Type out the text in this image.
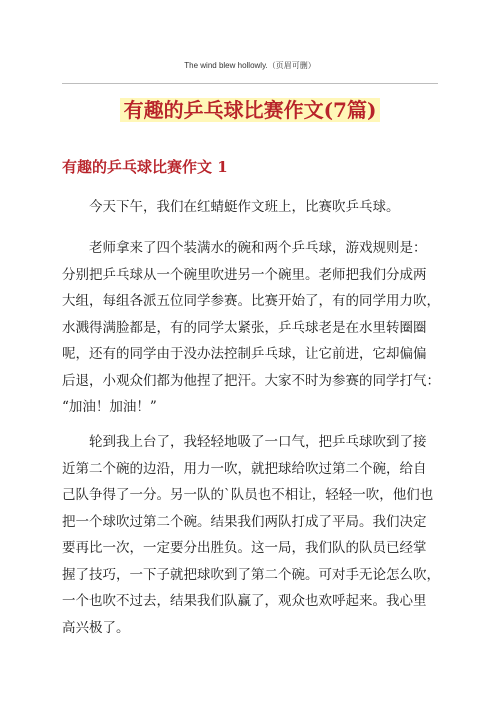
The wind blew hollowly.（页眉可删）
有趣的乒乓球比赛作文(7篇)
有趣的乒乓球比赛作文 1
今天下午，我们在红蜻蜓作文班上，比赛吹乒乓球。
老师拿来了四个装满水的碗和两个乒乓球，游戏规则是：
分别把乒乓球从一个碗里吹进另一个碗里。老师把我们分成两
大组，每组各派五位同学参赛。比赛开始了，有的同学用力吹，
水溅得满脸都是，有的同学太紧张，乒乓球老是在水里转圈圈
呢，还有的同学由于没办法控制乒乓球，让它前进，它却偏偏
后退，小观众们都为他捏了把汗。大家不时为参赛的同学打气：
“加油！加油！”
轮到我上台了，我轻轻地吸了一口气，把乒乓球吹到了接
近第二个碗的边沿，用力一吹，就把球给吹过第二个碗，给自
己队争得了一分。另一队的`队员也不相让，轻轻一吹，他们也
把一个球吹过第二个碗。结果我们两队打成了平局。我们决定
要再比一次，一定要分出胜负。这一局，我们队的队员已经掌
握了技巧，一下子就把球吹到了第二个碗。可对手无论怎么吹，
一个也吹不过去，结果我们队赢了，观众也欢呼起来。我心里
高兴极了。
